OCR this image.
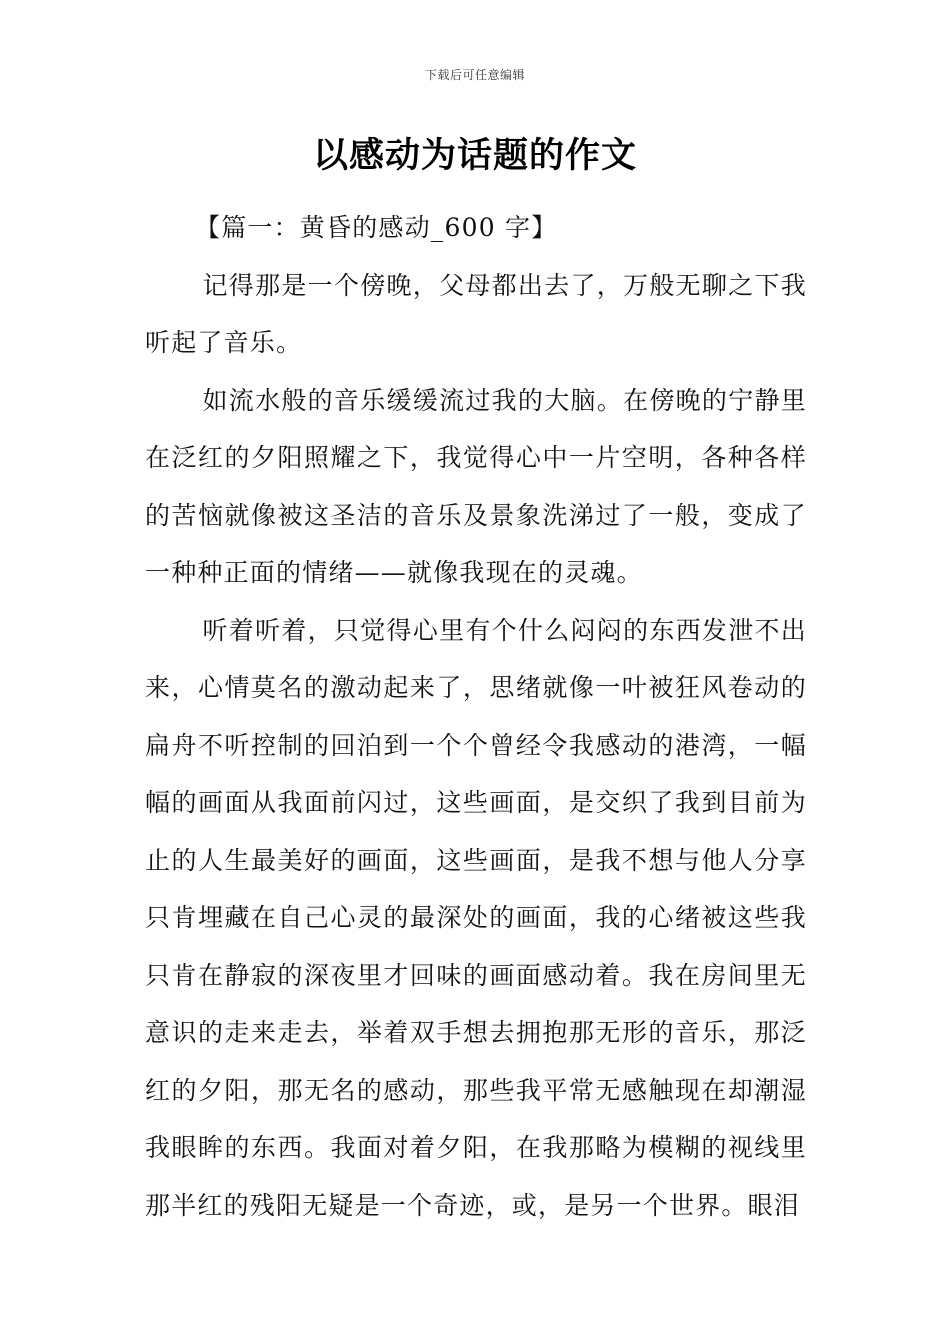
下载后可任意编辑
以感动为话题的作文

【篇一：黄昏的感动_600 字】

记得那是一个傍晚，父母都出去了，万般无聊之下我听起了音乐。

如流水般的音乐缓缓流过我的大脑。在傍晚的宁静里在泛红的夕阳照耀之下，我觉得心中一片空明，各种各样的苦恼就像被这圣洁的音乐及景象洗涕过了一般，变成了一种种正面的情绪——就像我现在的灵魂。

听着听着，只觉得心里有个什么闷闷的东西发泄不出来，心情莫名的激动起来了，思绪就像一叶被狂风卷动的扁舟不听控制的回泊到一个个曾经令我感动的港湾，一幅幅的画面从我面前闪过，这些画面，是交织了我到目前为止的人生最美好的画面，这些画面，是我不想与他人分享只肯埋藏在自己心灵的最深处的画面，我的心绪被这些我只肯在静寂的深夜里才回味的画面感动着。我在房间里无意识的走来走去，举着双手想去拥抱那无形的音乐，那泛红的夕阳，那无名的感动，那些我平常无感触现在却潮湿我眼眸的东西。我面对着夕阳，在我那略为模糊的视线里那半红的残阳无疑是一个奇迹，或，是另一个世界。眼泪
